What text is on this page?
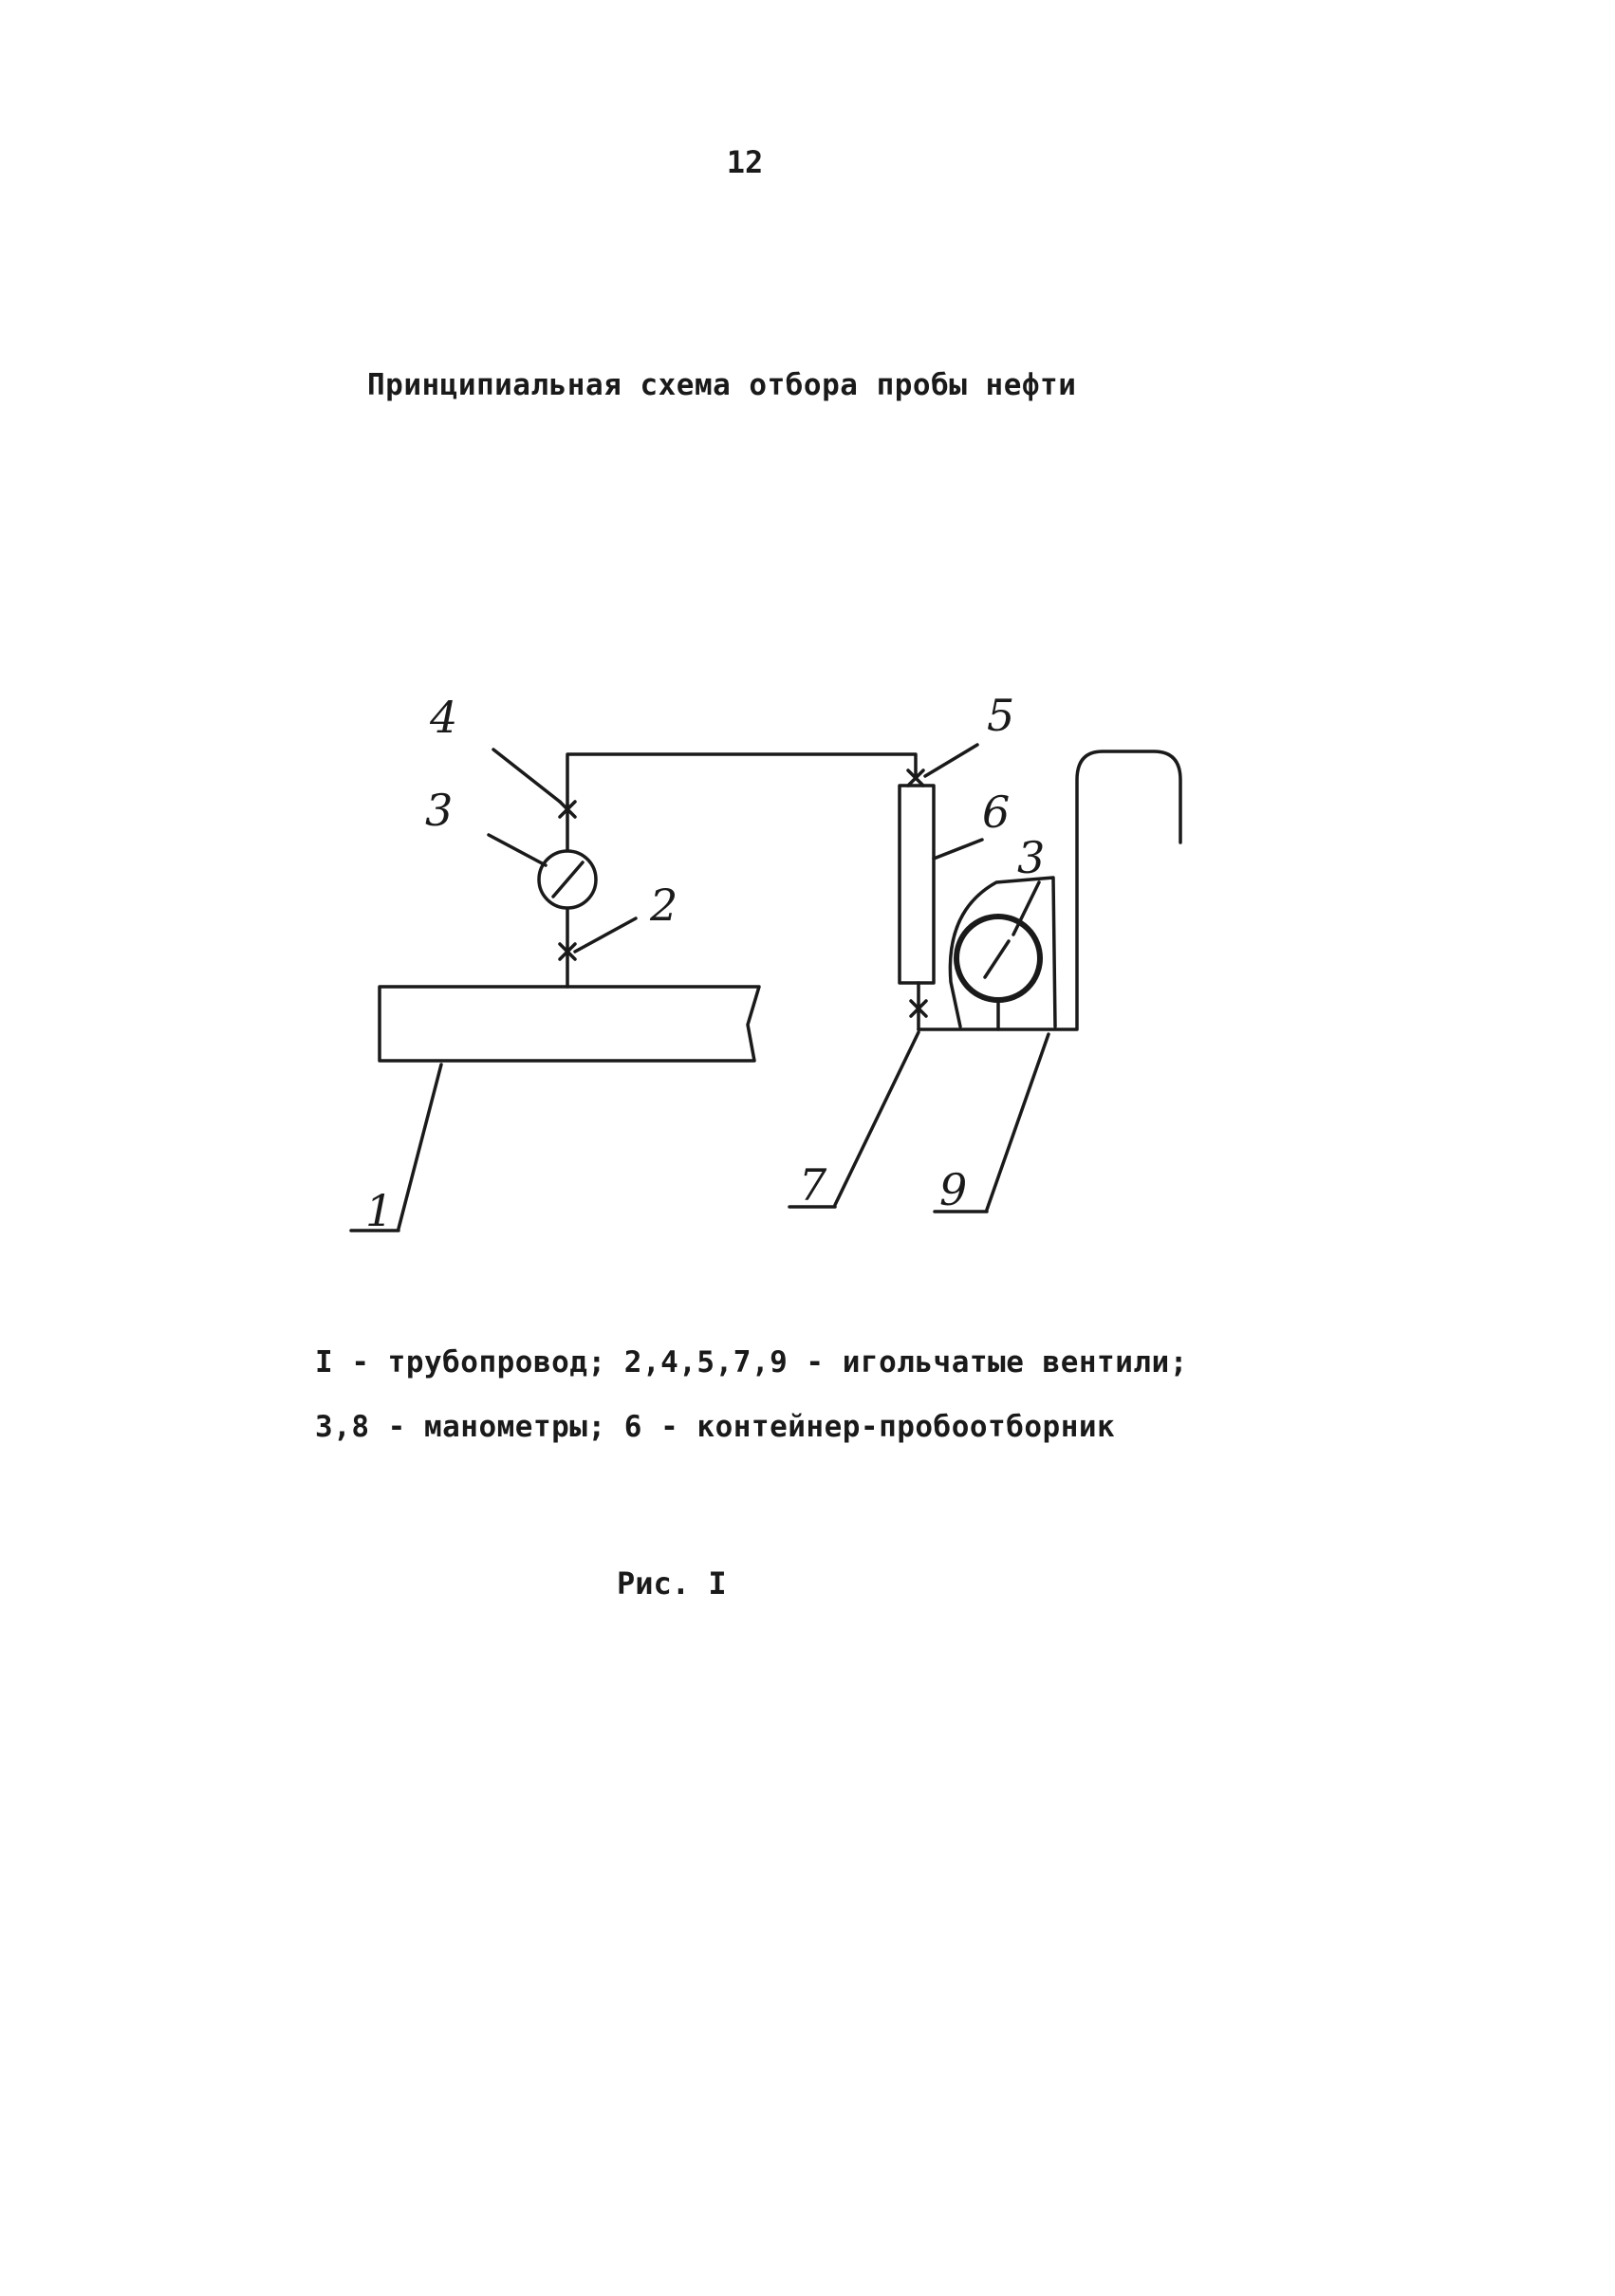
12
Принципиальная схема отбора пробы нефти
1
2
3
4	5
6
3
7	9
I - трубопровод; 2,4,5,7,9 - игольчатые вентили;
3,8 - манометры; 6 - контейнер-пробоотборник
Рис. I
